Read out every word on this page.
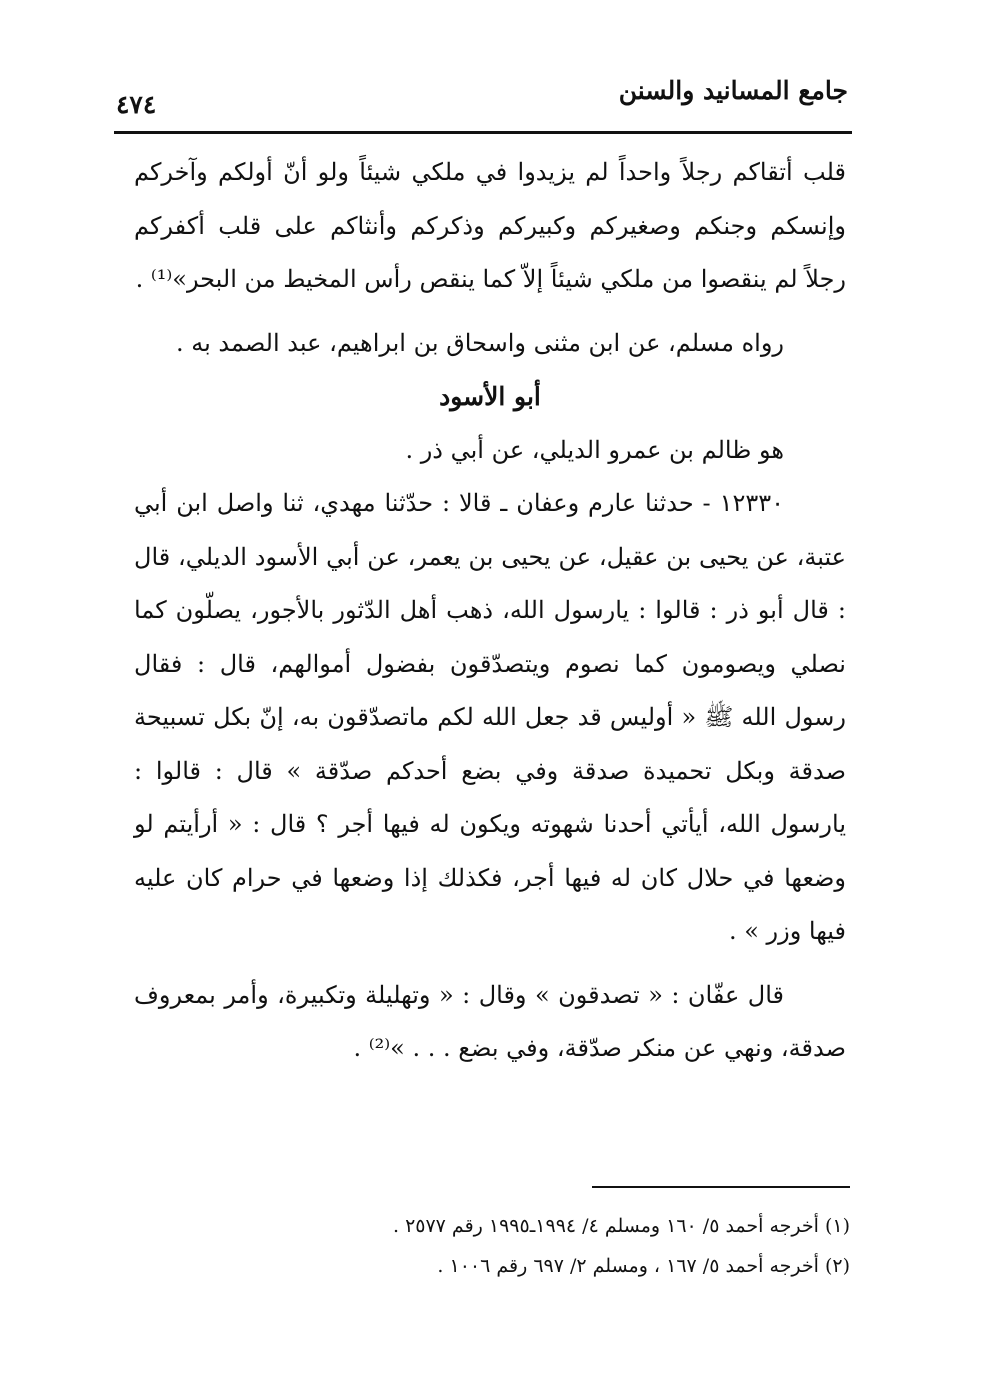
جامع المسانيد والسنن
٤٧٤

قلب أتقاكم رجلاً واحداً لم يزيدوا في ملكي شيئاً ولو أنّ أولكم وآخركم وإنسكم وجنكم وصغيركم وكبيركم وذكركم وأنثاكم على قلب أكفركم رجلاً لم ينقصوا من ملكي شيئاً إلاّ كما ينقص رأس المخيط من البحر»⁽¹⁾ .

رواه مسلم، عن ابن مثنى واسحاق بن ابراهيم، عبد الصمد به .

أبو الأسود

هو ظالم بن عمرو الديلي، عن أبي ذر .

١٢٣٣٠ - حدثنا عارم وعفان ـ قالا : حدّثنا مهدي، ثنا واصل ابن أبي عتبة، عن يحيى بن عقيل، عن يحيى بن يعمر، عن أبي الأسود الديلي، قال : قال أبو ذر : قالوا : يارسول الله، ذهب أهل الدّثور بالأجور، يصلّون كما نصلي ويصومون كما نصوم ويتصدّقون بفضول أموالهم، قال : فقال رسول الله ﷺ « أوليس قد جعل الله لكم ماتصدّقون به، إنّ بكل تسبيحة صدقة وبكل تحميدة صدقة وفي بضع أحدكم صدّقة » قال : قالوا : يارسول الله، أيأتي أحدنا شهوته ويكون له فيها أجر ؟ قال : « أرأيتم لو وضعها في حلال كان له فيها أجر، فكذلك إذا وضعها في حرام كان عليه فيها وزر » .

قال عفّان : « تصدقون » وقال : « وتهليلة وتكبيرة، وأمر بمعروف صدقة، ونهي عن منكر صدّقة، وفي بضع . . . »⁽²⁾ .

(١) أخرجه أحمد ٥/ ١٦٠ ومسلم ٤/ ١٩٩٤ـ١٩٩٥ رقم ٢٥٧٧ .

(٢) أخرجه أحمد ٥/ ١٦٧ ، ومسلم ٢/ ٦٩٧ رقم ١٠٠٦ .
